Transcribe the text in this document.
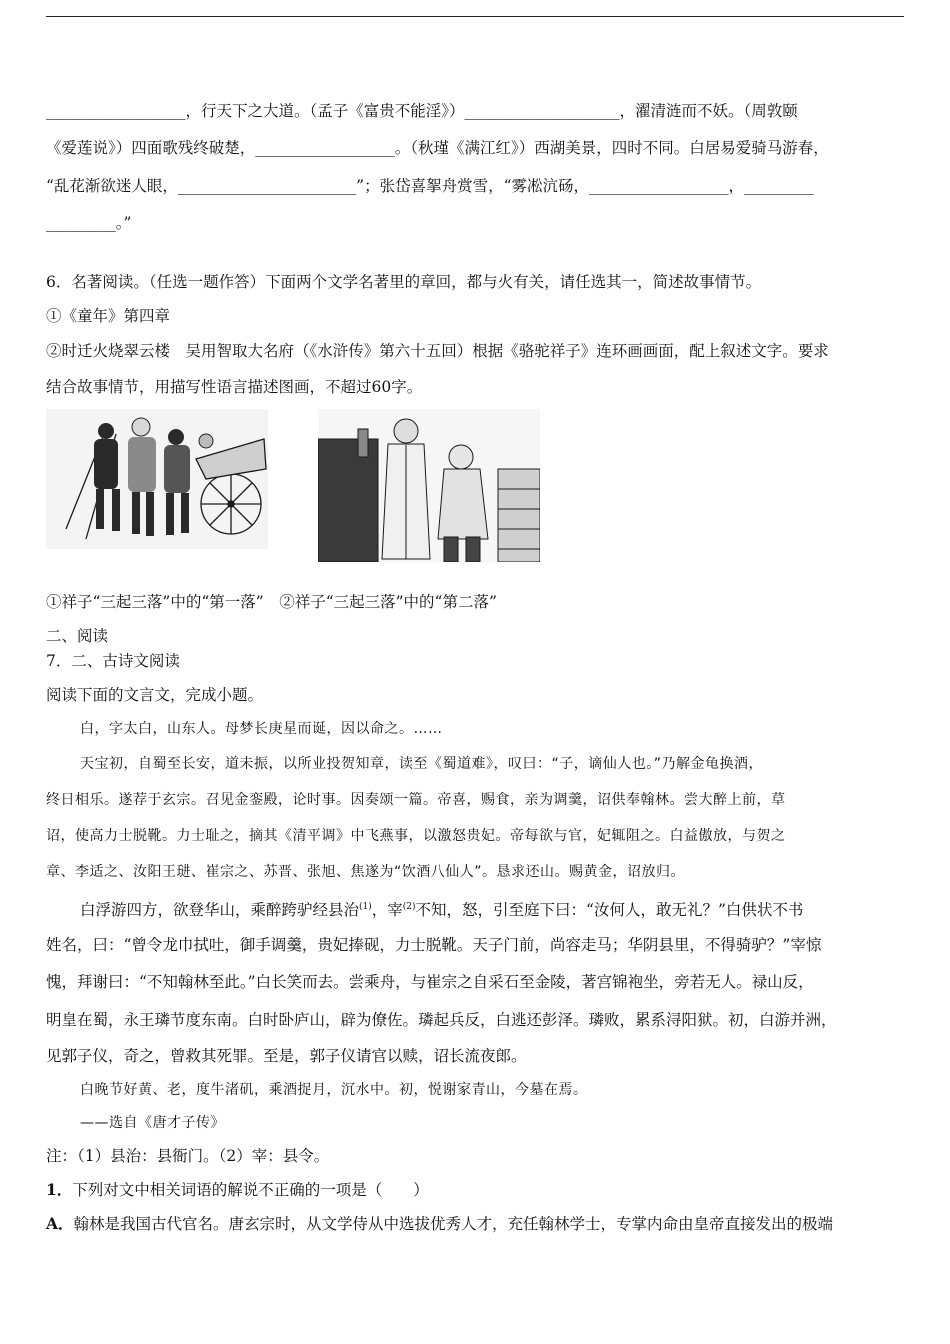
__________________，行天下之大道。（孟子《富贵不能淫》）____________________，濯清涟而不妖。（周敦颐
《爱莲说》）四面歌残终破楚，__________________。（秋瑾《满江红》）西湖美景，四时不同。白居易爱骑马游春，
“乱花渐欲迷人眼，_______________________”；张岱喜挐舟赏雪，“雾凇沆砀，__________________，_________
_________。”
6．名著阅读。（任选一题作答）下面两个文学名著里的章回，都与火有关，请任选其一，简述故事情节。
①《童年》第四章
②时迁火烧翠云楼　吴用智取大名府（《水浒传》第六十五回）根据《骆驼祥子》连环画画面，配上叙述文字。要求
结合故事情节，用描写性语言描述图画，不超过60字。
①祥子“三起三落”中的“第一落”　②祥子“三起三落”中的“第二落”
二、阅读
7．二、古诗文阅读
阅读下面的文言文，完成小题。
白，字太白，山东人。母梦长庚星而诞，因以命之。……
天宝初，自蜀至长安，道未振，以所业投贺知章，读至《蜀道难》，叹曰：“子，谪仙人也。”乃解金龟换酒，
终日相乐。遂荐于玄宗。召见金銮殿，论时事。因奏颂一篇。帝喜，赐食，亲为调羹，诏供奉翰林。尝大醉上前，草
诏，使高力士脱靴。力士耻之，摘其《清平调》中飞燕事，以激怒贵妃。帝每欲与官，妃辄阻之。白益傲放，与贺之
章、李适之、汝阳王琎、崔宗之、苏晋、张旭、焦遂为“饮酒八仙人”。恳求还山。赐黄金，诏放归。
白浮游四方，欲登华山，乘醉跨驴经县治$^{(1)}$，宰$^{(2)}$不知，怒，引至庭下曰：“汝何人，敢无礼？”白供状不书
姓名，曰：“曾令龙巾拭吐，御手调羹，贵妃捧砚，力士脱靴。天子门前，尚容走马；华阴县里，不得骑驴？”宰惊
愧，拜谢曰：“不知翰林至此。”白长笑而去。尝乘舟，与崔宗之自采石至金陵，著宫锦袍坐，旁若无人。禄山反，
明皇在蜀，永王璘节度东南。白时卧庐山，辟为僚佐。璘起兵反，白逃还彭泽。璘败，累系浔阳狱。初，白游并洲，
见郭子仪，奇之，曾救其死罪。至是，郭子仪请官以赎，诏长流夜郎。
白晚节好黄、老，度牛渚矶，乘酒捉月，沉水中。初，悦谢家青山，今墓在焉。
——选自《唐才子传》
注：（1）县治：县衙门。（2）宰：县令。
1．下列对文中相关词语的解说不正确的一项是（　　）
A．翰林是我国古代官名。唐玄宗时，从文学侍从中选拔优秀人才，充任翰林学士，专掌内命由皇帝直接发出的极端
